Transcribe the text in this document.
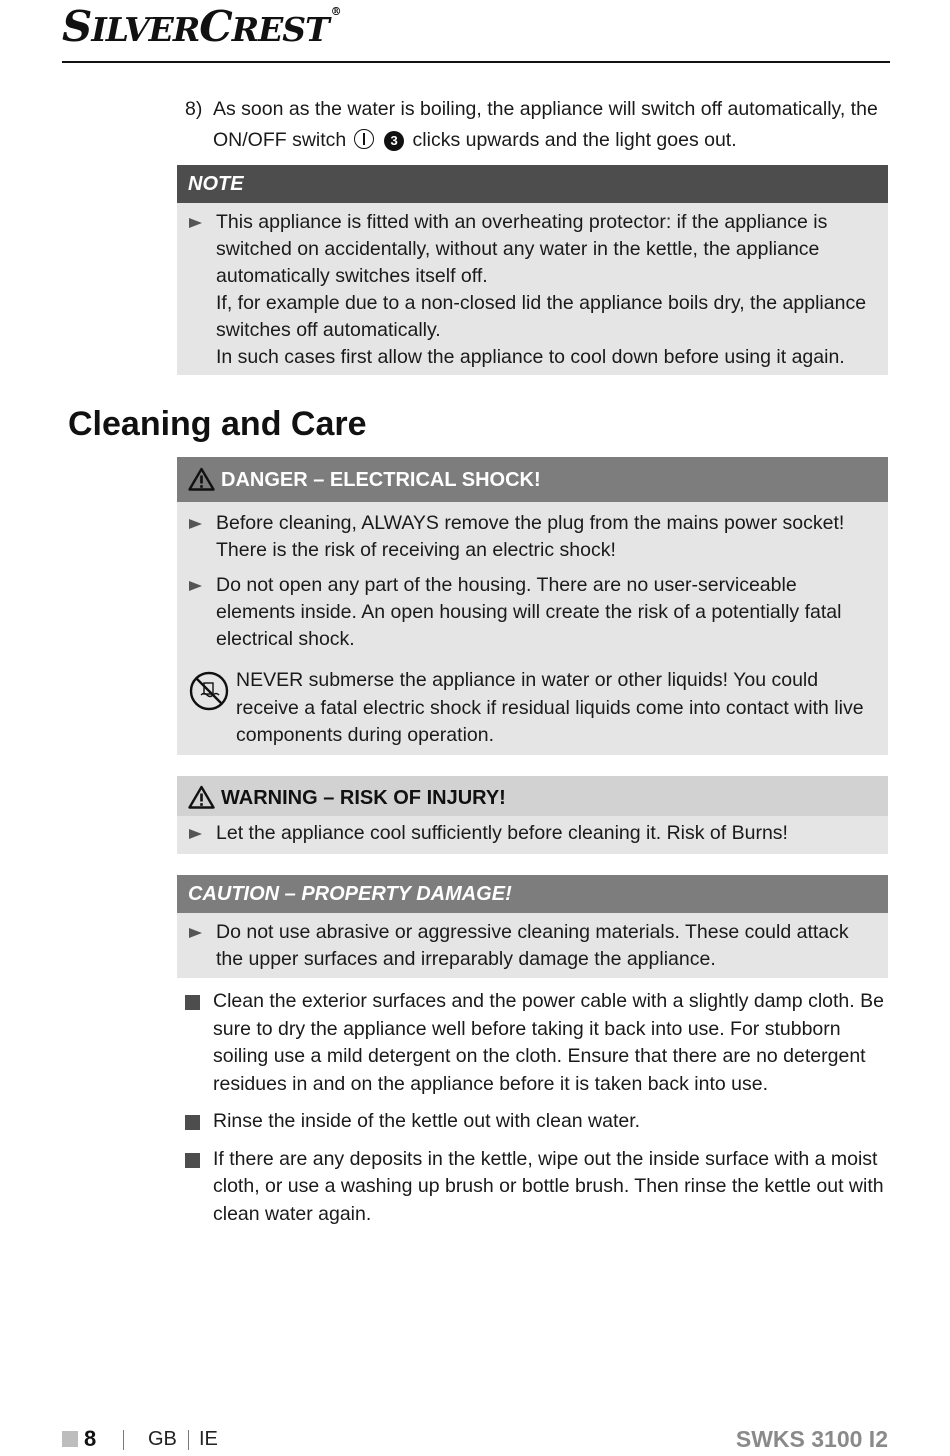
SILVERCREST ®
8) As soon as the water is boiling, the appliance will switch off automatically, the ON/OFF switch	3 clicks upwards and the light goes out.
NOTE

This appliance is fitted with an overheating protector: if the appliance is switched on accidentally, without any water in the kettle, the appliance automatically switches itself off.

If, for example due to a non-closed lid the appliance boils dry, the appliance switches off automatically.

In such cases first allow the appliance to cool down before using it again.

Cleaning and Care
DANGER – ELECTRICAL SHOCK!

Before cleaning, ALWAYS remove the plug from the mains power socket! There is the risk of receiving an electric shock!

Do not open any part of the housing. There are no user-serviceable elements inside. An open housing will create the risk of a potentially fatal electrical shock.

NEVER submerse the appliance in water or other liquids! You could receive a fatal electric shock if residual liquids come into contact with live components during operation.
WARNING – RISK OF INJURY!

Let the appliance cool sufficiently before cleaning it. Risk of Burns!

CAUTION – PROPERTY DAMAGE!

Do not use abrasive or aggressive cleaning materials. These could attack the upper surfaces and irreparably damage the appliance.

Clean the exterior surfaces and the power cable with a slightly damp cloth. Be sure to dry the appliance well before taking it back into use. For stubborn soiling use a mild detergent on the cloth. Ensure that there are no detergent residues in and on the appliance before it is taken back into use.
Rinse the inside of the kettle out with clean water.
If there are any deposits in the kettle, wipe out the inside surface with a moist cloth, or use a washing up brush or bottle brush. Then rinse the kettle out with clean water again.
8	GB IE	SWKS 3100 I2
